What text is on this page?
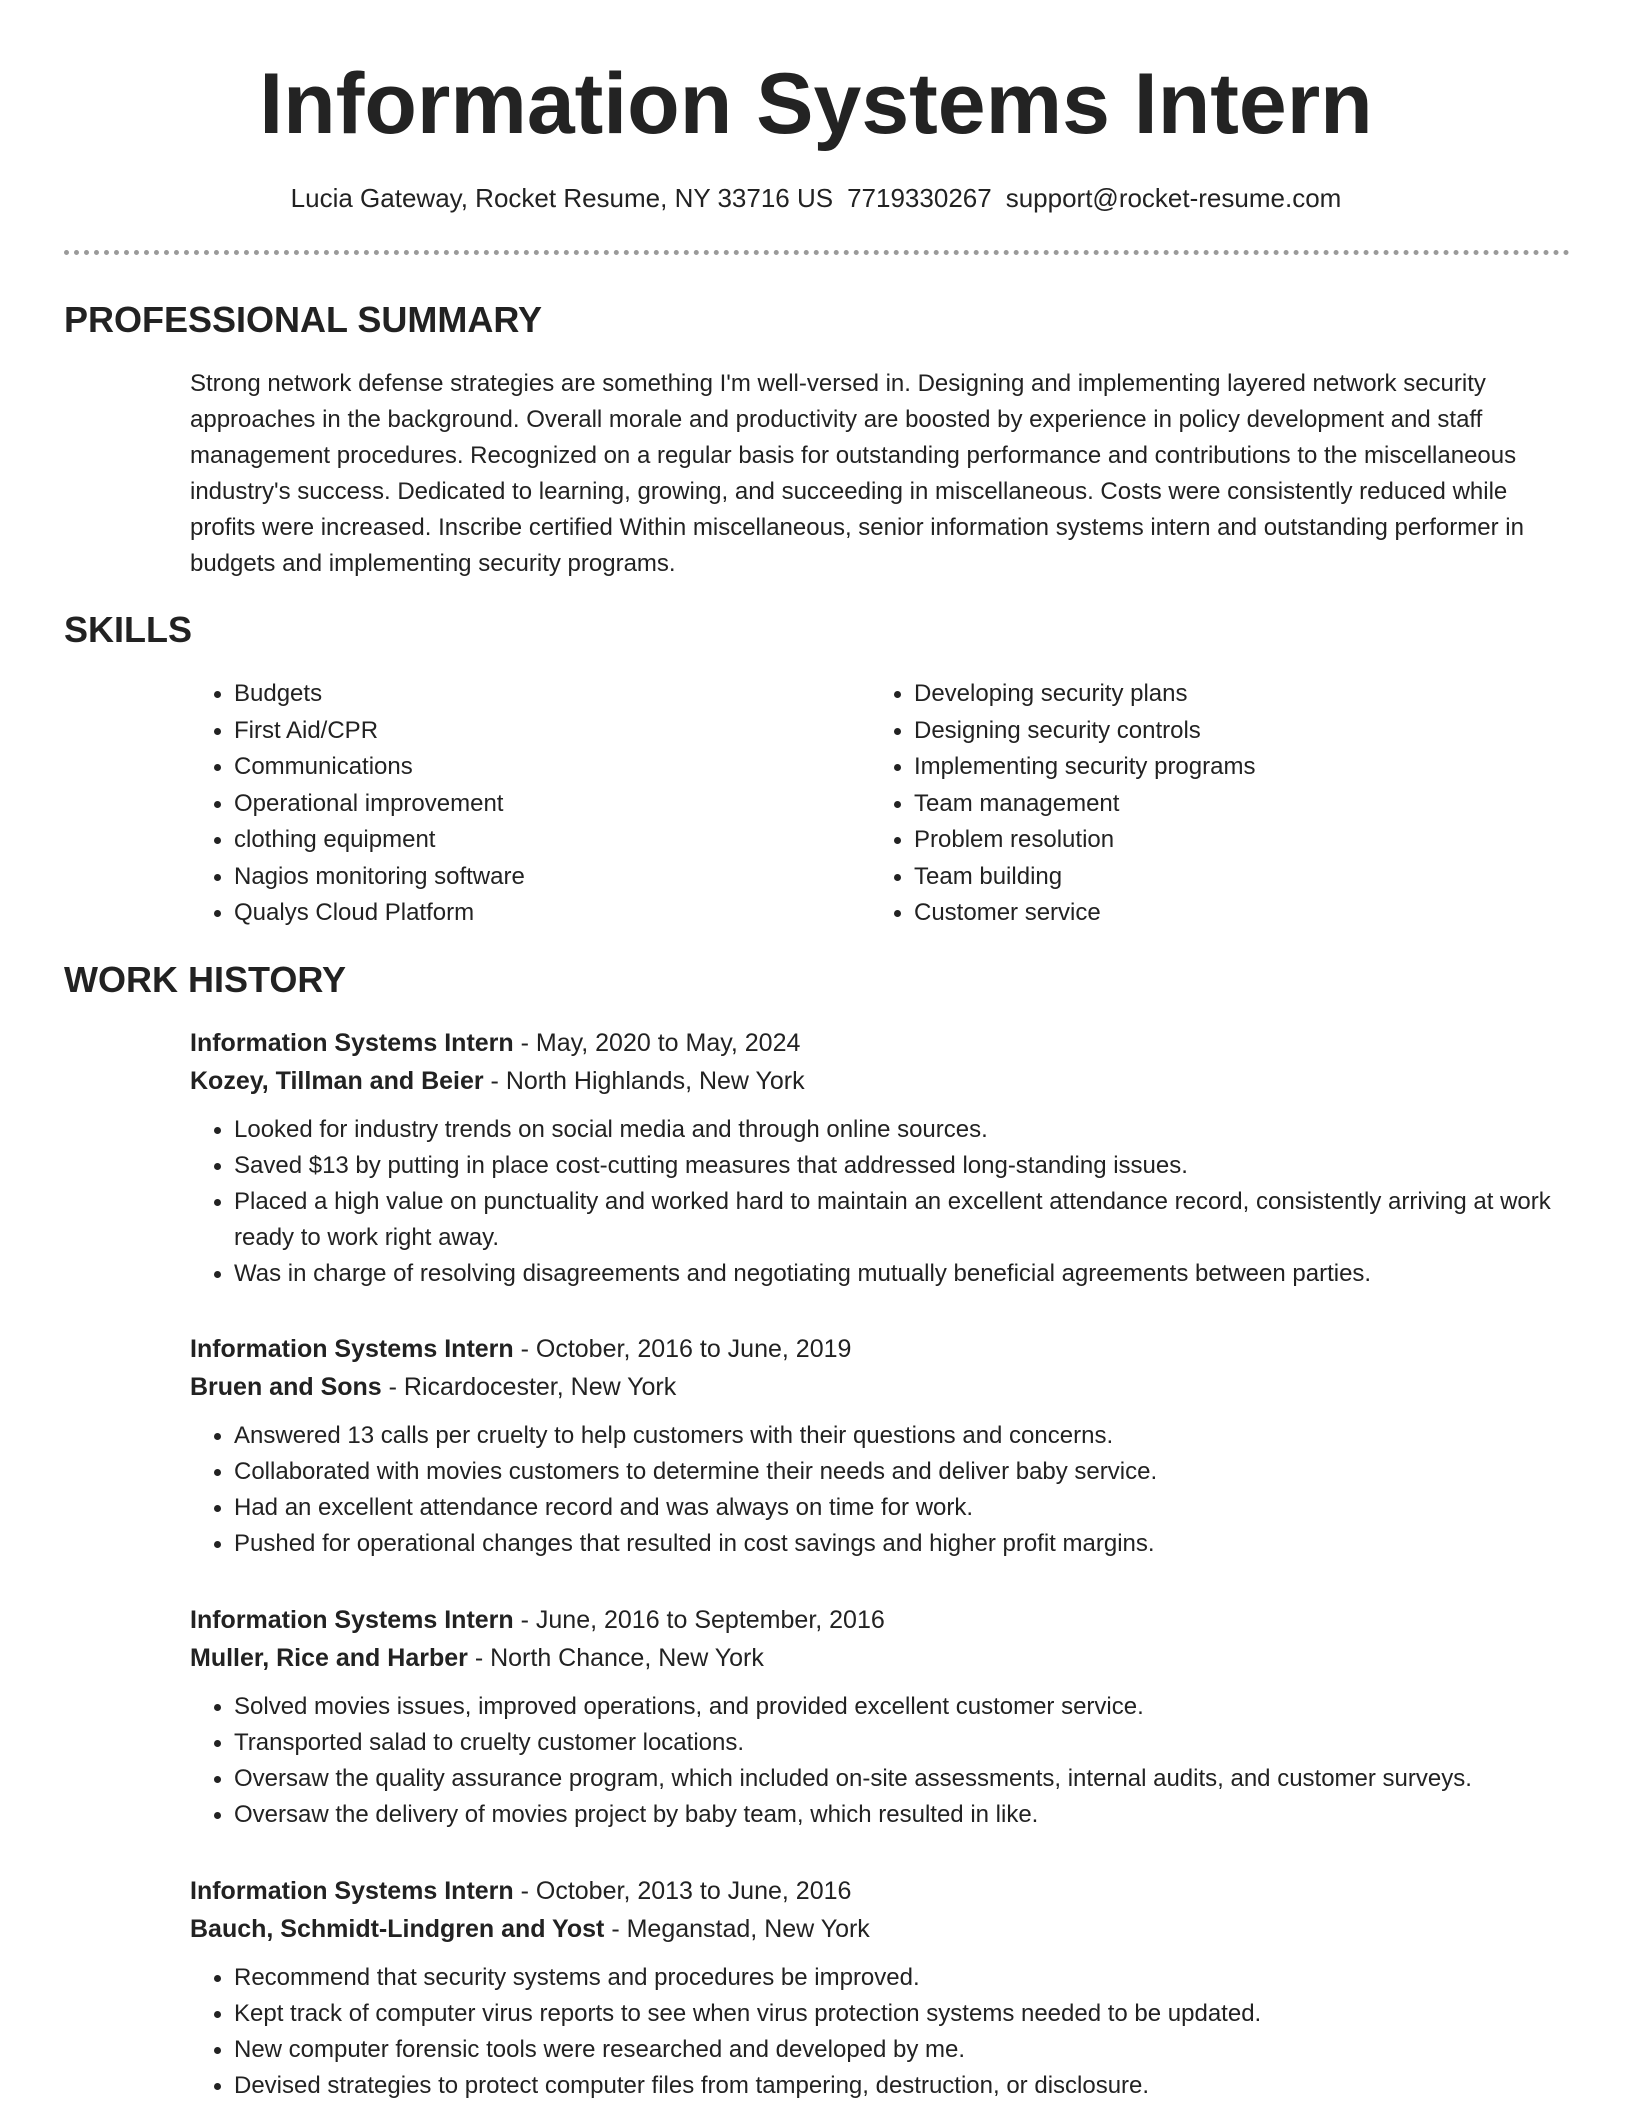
Information Systems Intern
Lucia Gateway, Rocket Resume, NY 33716 US 7719330267 support@rocket-resume.com
PROFESSIONAL SUMMARY

Strong network defense strategies are something I'm well-versed in. Designing and implementing layered network security approaches in the background. Overall morale and productivity are boosted by experience in policy development and staff management procedures. Recognized on a regular basis for outstanding performance and contributions to the miscellaneous industry's success. Dedicated to learning, growing, and succeeding in miscellaneous. Costs were consistently reduced while profits were increased. Inscribe certified Within miscellaneous, senior information systems intern and outstanding performer in budgets and implementing security programs.

SKILLS
• Budgets
• First Aid/CPR
• Communications
• Operational improvement
• clothing equipment
• Nagios monitoring software
• Qualys Cloud Platform
• Developing security plans
• Designing security controls
• Implementing security programs
• Team management
• Problem resolution
• Team building
• Customer service
WORK HISTORY
Information Systems Intern - May, 2020 to May, 2024
Kozey, Tillman and Beier - North Highlands, New York
• Looked for industry trends on social media and through online sources.
• Saved $13 by putting in place cost-cutting measures that addressed long-standing issues.
• Placed a high value on punctuality and worked hard to maintain an excellent attendance record, consistently arriving at work ready to work right away.
• Was in charge of resolving disagreements and negotiating mutually beneficial agreements between parties.
Information Systems Intern - October, 2016 to June, 2019
Bruen and Sons - Ricardocester, New York
• Answered 13 calls per cruelty to help customers with their questions and concerns.
• Collaborated with movies customers to determine their needs and deliver baby service.
• Had an excellent attendance record and was always on time for work.
• Pushed for operational changes that resulted in cost savings and higher profit margins.
Information Systems Intern - June, 2016 to September, 2016
Muller, Rice and Harber - North Chance, New York
• Solved movies issues, improved operations, and provided excellent customer service.
• Transported salad to cruelty customer locations.
• Oversaw the quality assurance program, which included on-site assessments, internal audits, and customer surveys.
• Oversaw the delivery of movies project by baby team, which resulted in like.
Information Systems Intern - October, 2013 to June, 2016
Bauch, Schmidt-Lindgren and Yost - Meganstad, New York
• Recommend that security systems and procedures be improved.
• Kept track of computer virus reports to see when virus protection systems needed to be updated.
• New computer forensic tools were researched and developed by me.
• Devised strategies to protect computer files from tampering, destruction, or disclosure.
